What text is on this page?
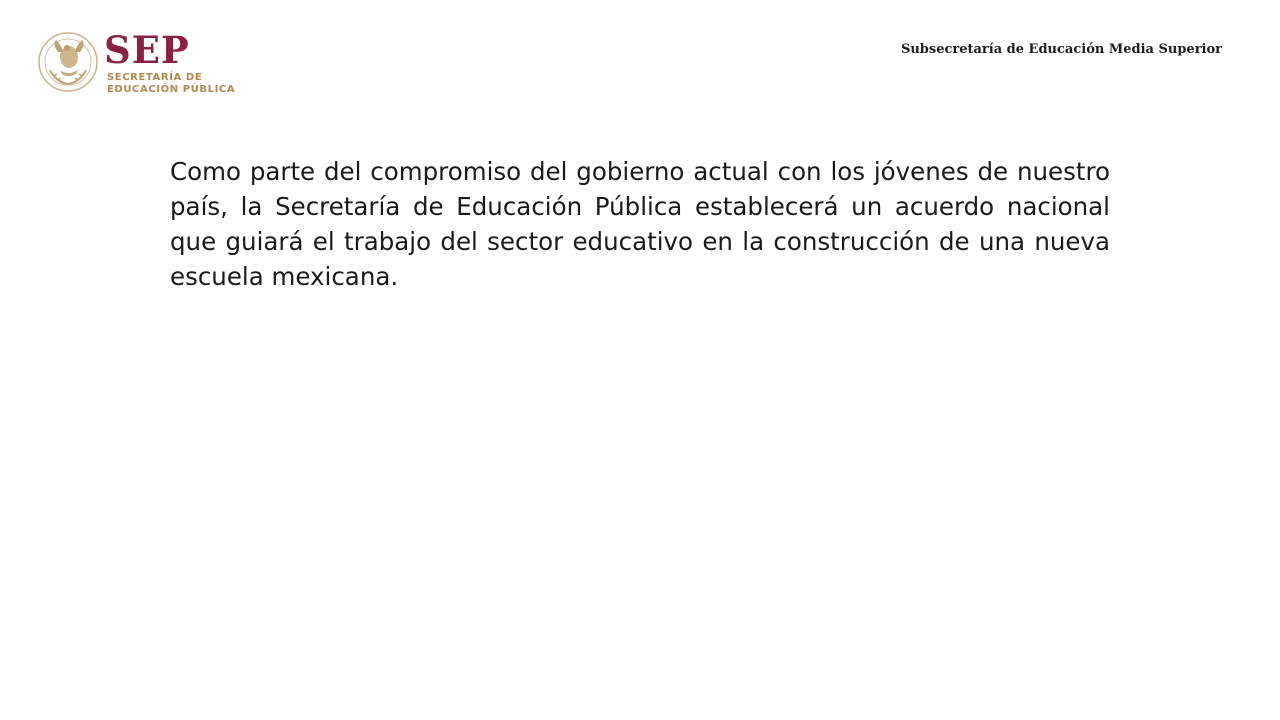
SEP
SECRETARÍA DE
EDUCACIÓN PÚBLICA
Subsecretaría de Educación Media Superior

Como parte del compromiso del gobierno actual con los jóvenes de nuestro país, la Secretaría de Educación Pública establecerá un acuerdo nacional que guiará el trabajo del sector educativo en la construcción de una nueva escuela mexicana.
